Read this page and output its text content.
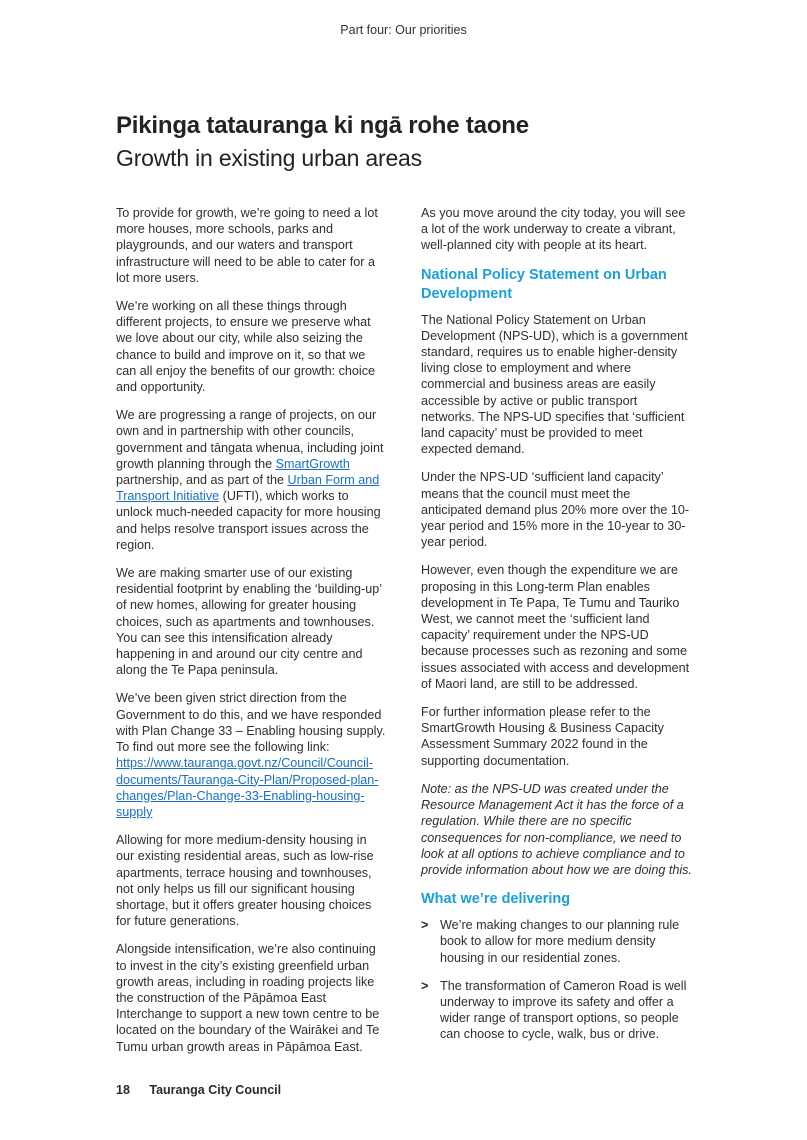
Part four: Our priorities
Pikinga tatauranga ki ngā rohe taone
Growth in existing urban areas

To provide for growth, we’re going to need a lot more houses, more schools, parks and playgrounds, and our waters and transport infrastructure will need to be able to cater for a lot more users.

We’re working on all these things through different projects, to ensure we preserve what we love about our city, while also seizing the chance to build and improve on it, so that we can all enjoy the benefits of our growth: choice and opportunity.

We are progressing a range of projects, on our own and in partnership with other councils, government and tāngata whenua, including joint growth planning through the SmartGrowth partnership, and as part of the Urban Form and Transport Initiative (UFTI), which works to unlock much-needed capacity for more housing and helps resolve transport issues across the region.

We are making smarter use of our existing residential footprint by enabling the ‘building-up’ of new homes, allowing for greater housing choices, such as apartments and townhouses. You can see this intensification already happening in and around our city centre and along the Te Papa peninsula.

We’ve been given strict direction from the Government to do this, and we have responded with Plan Change 33 – Enabling housing supply. To find out more see the following link: https://www.tauranga.govt.nz/Council/Council-documents/Tauranga-City-Plan/Proposed-plan-changes/Plan-Change-33-Enabling-housing-supply

Allowing for more medium-density housing in our existing residential areas, such as low-rise apartments, terrace housing and townhouses, not only helps us fill our significant housing shortage, but it offers greater housing choices for future generations.

Alongside intensification, we’re also continuing to invest in the city’s existing greenfield urban growth areas, including in roading projects like the construction of the Pāpāmoa East Interchange to support a new town centre to be located on the boundary of the Wairākei and Te Tumu urban growth areas in Pāpāmoa East.

As you move around the city today, you will see a lot of the work underway to create a vibrant, well-planned city with people at its heart.

National Policy Statement on Urban Development

The National Policy Statement on Urban Development (NPS-UD), which is a government standard, requires us to enable higher-density living close to employment and where commercial and business areas are easily accessible by active or public transport networks. The NPS-UD specifies that ‘sufficient land capacity’ must be provided to meet expected demand.

Under the NPS-UD ‘sufficient land capacity’ means that the council must meet the anticipated demand plus 20% more over the 10-year period and 15% more in the 10-year to 30-year period.

However, even though the expenditure we are proposing in this Long-term Plan enables development in Te Papa, Te Tumu and Tauriko West, we cannot meet the ‘sufficient land capacity’ requirement under the NPS-UD because processes such as rezoning and some issues associated with access and development of Maori land, are still to be addressed.

For further information please refer to the SmartGrowth Housing & Business Capacity Assessment Summary 2022 found in the supporting documentation.

Note: as the NPS-UD was created under the Resource Management Act it has the force of a regulation. While there are no specific consequences for non-compliance, we need to look at all options to achieve compliance and to provide information about how we are doing this.

What we’re delivering
> We’re making changes to our planning rule book to allow for more medium density housing in our residential zones.
> The transformation of Cameron Road is well underway to improve its safety and offer a wider range of transport options, so people can choose to cycle, walk, bus or drive.
18 Tauranga City Council
